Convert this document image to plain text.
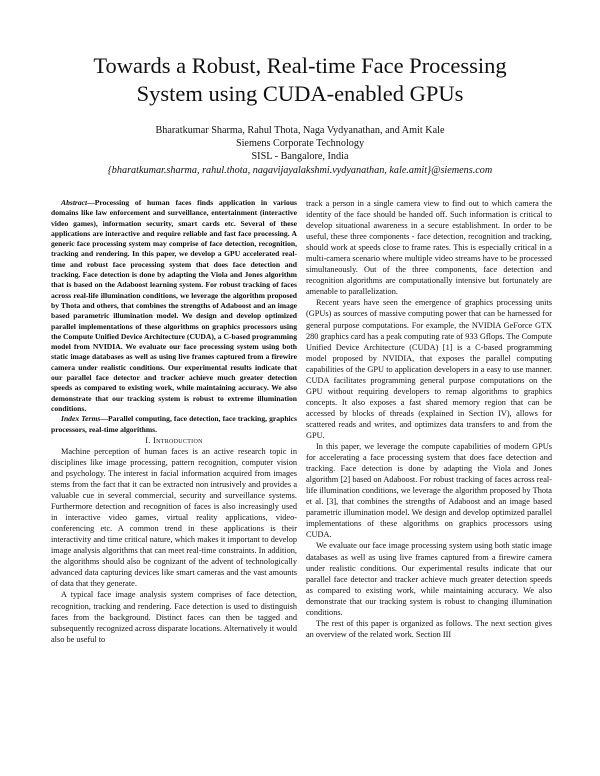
Towards a Robust, Real-time Face Processing
System using CUDA-enabled GPUs
Bharatkumar Sharma, Rahul Thota, Naga Vydyanathan, and Amit Kale
Siemens Corporate Technology
SISL - Bangalore, India
{bharatkumar.sharma, rahul.thota, nagavijayalakshmi.vydyanathan, kale.amit}@siemens.com

Abstract—Processing of human faces finds application in various domains like law enforcement and surveillance, entertainment (interactive video games), information security, smart cards etc. Several of these applications are interactive and require reliable and fast face processing. A generic face processing system may comprise of face detection, recognition, tracking and rendering. In this paper, we develop a GPU accelerated real-time and robust face processing system that does face detection and tracking. Face detection is done by adapting the Viola and Jones algorithm that is based on the Adaboost learning system. For robust tracking of faces across real-life illumination conditions, we leverage the algorithm proposed by Thota and others, that combines the strengths of Adaboost and an image based parametric illumination model. We design and develop optimized parallel implementations of these algorithms on graphics processors using the Compute Unified Device Architecture (CUDA), a C-based programming model from NVIDIA. We evaluate our face processing system using both static image databases as well as using live frames captured from a firewire camera under realistic conditions. Our experimental results indicate that our parallel face detector and tracker achieve much greater detection speeds as compared to existing work, while maintaining accuracy. We also demonstrate that our tracking system is robust to extreme illumination conditions.

Index Terms—Parallel computing, face detection, face tracking, graphics processors, real-time algorithms.

I. Introduction

Machine perception of human faces is an active research topic in disciplines like image processing, pattern recognition, computer vision and psychology. The interest in facial information acquired from images stems from the fact that it can be extracted non intrusively and provides a valuable cue in several commercial, security and surveillance systems. Furthermore detection and recognition of faces is also increasingly used in interactive video games, virtual reality applications, video-conferencing etc. A common trend in these applications is their interactivity and time critical nature, which makes it important to develop image analysis algorithms that can meet real-time constraints. In addition, the algorithms should also be cognizant of the advent of technologically advanced data capturing devices like smart cameras and the vast amounts of data that they generate.

A typical face image analysis system comprises of face detection, recognition, tracking and rendering. Face detection is used to distinguish faces from the background. Distinct faces can then be tagged and subsequently recognized across disparate locations. Alternatively it would also be useful to

track a person in a single camera view to find out to which camera the identity of the face should be handed off. Such information is critical to develop situational awareness in a secure establishment. In order to be useful, these three components - face detection, recognition and tracking, should work at speeds close to frame rates. This is especially critical in a multi-camera scenario where multiple video streams have to be processed simultaneously. Out of the three components, face detection and recognition algorithms are computationally intensive but fortunately are amenable to parallelization.

Recent years have seen the emergence of graphics processing units (GPUs) as sources of massive computing power that can be harnessed for general purpose computations. For example, the NVIDIA GeForce GTX 280 graphics card has a peak computing rate of 933 Gflops. The Compute Unified Device Architecture (CUDA) [1] is a C-based programming model proposed by NVIDIA, that exposes the parallel computing capabilities of the GPU to application developers in a easy to use manner. CUDA facilitates programming general purpose computations on the GPU without requiring developers to remap algorithms to graphics concepts. It also exposes a fast shared memory region that can be accessed by blocks of threads (explained in Section IV), allows for scattered reads and writes, and optimizes data transfers to and from the GPU.

In this paper, we leverage the compute capabilities of modern GPUs for accelerating a face processing system that does face detection and tracking. Face detection is done by adapting the Viola and Jones algorithm [2] based on Adaboost. For robust tracking of faces across real-life illumination conditions, we leverage the algorithm proposed by Thota et al. [3], that combines the strengths of Adaboost and an image based parametric illumination model. We design and develop optimized parallel implementations of these algorithms on graphics processors using CUDA.

We evaluate our face image processing system using both static image databases as well as using live frames captured from a firewire camera under realistic conditions. Our experimental results indicate that our parallel face detector and tracker achieve much greater detection speeds as compared to existing work, while maintaining accuracy. We also demonstrate that our tracking system is robust to changing illumination conditions.

The rest of this paper is organized as follows. The next section gives an overview of the related work. Section III
